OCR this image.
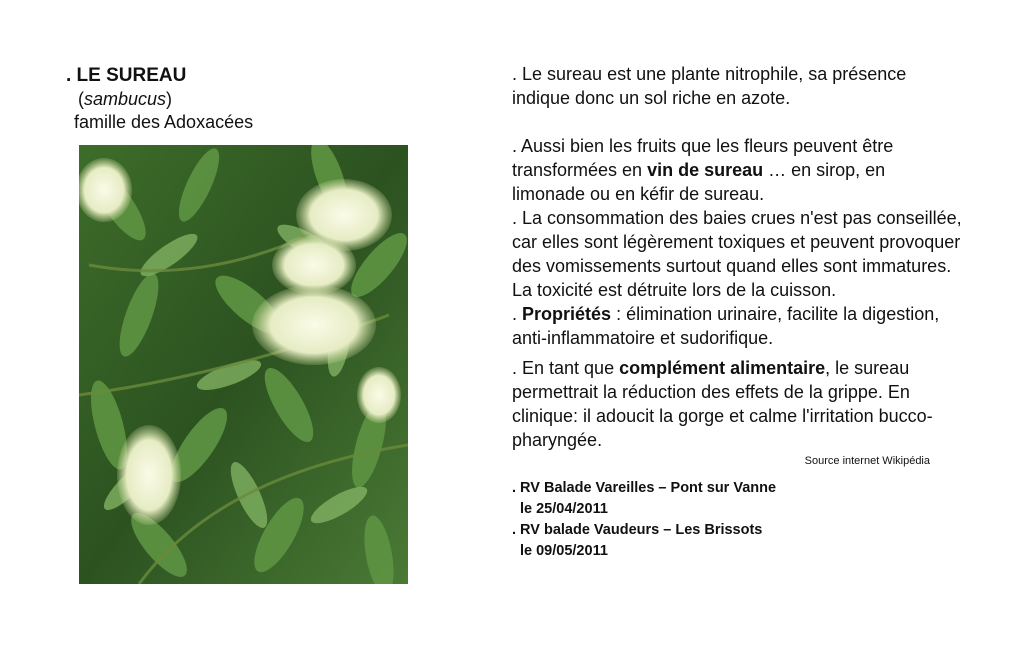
. LE SUREAU

(sambucus)
famille des Adoxacées

. Le sureau est une plante nitrophile, sa présence indique donc un sol riche en azote.

. Aussi bien les fruits que les fleurs peuvent être transformées en vin de sureau … en sirop, en limonade ou en kéfir de sureau.

. La consommation des baies crues n'est pas conseillée, car elles sont légèrement toxiques et peuvent provoquer des vomissements surtout quand elles sont immatures. La toxicité est détruite lors de la cuisson.

. Propriétés : élimination urinaire, facilite la digestion, anti-inflammatoire et sudorifique.

. En tant que complément alimentaire, le sureau permettrait la réduction des effets de la grippe. En clinique: il adoucit la gorge et calme l'irritation bucco-pharyngée.

Source internet Wikipédia

. RV Balade Vareilles – Pont sur Vanne
le 25/04/2011
. RV balade Vaudeurs – Les Brissots
le 09/05/2011
